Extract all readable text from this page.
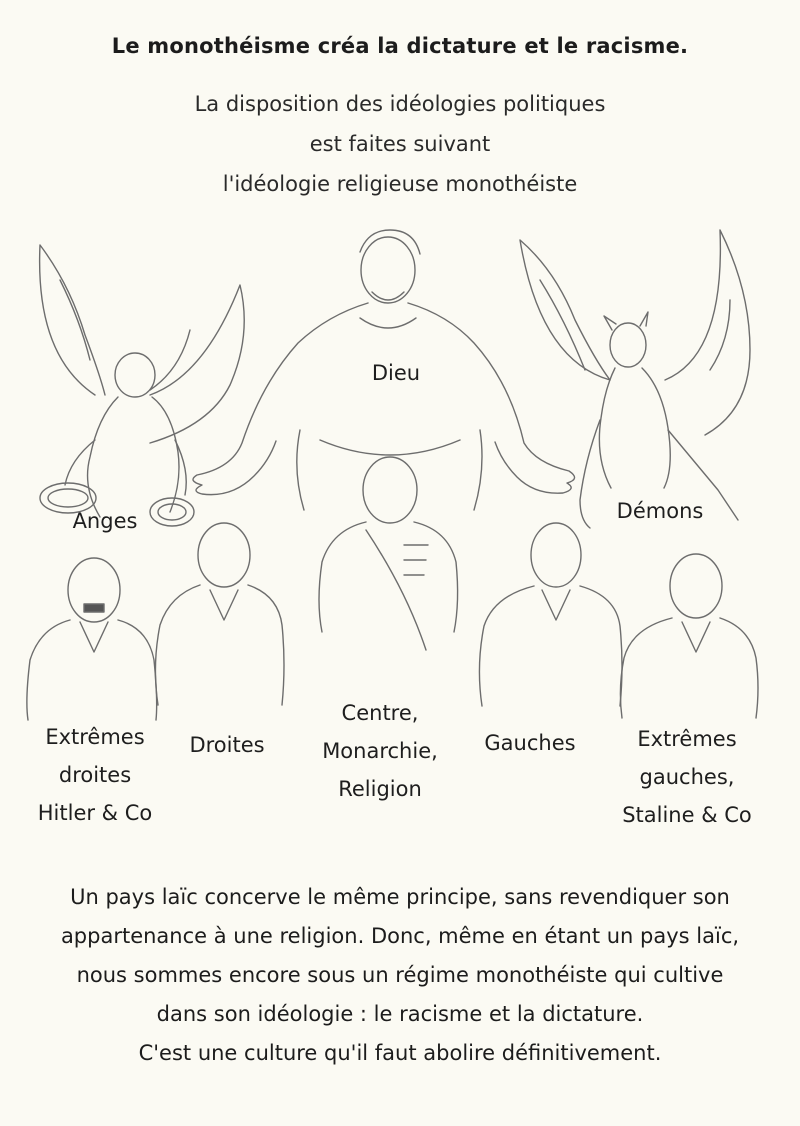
Le monothéisme créa la dictature et le racisme.
La disposition des idéologies politiques
est faites suivant
l'idéologie religieuse monothéiste
Dieu
Anges	Démons
Extrêmes
droites
Hitler & Co
Droites
Centre,
Monarchie,
Religion
Gauches	Extrêmes
gauches,
Staline & Co
Un pays laïc concerve le même principe, sans revendiquer son
appartenance à une religion. Donc, même en étant un pays laïc,
nous sommes encore sous un régime monothéiste qui cultive
dans son idéologie : le racisme et la dictature.
C'est une culture qu'il faut abolire définitivement.
